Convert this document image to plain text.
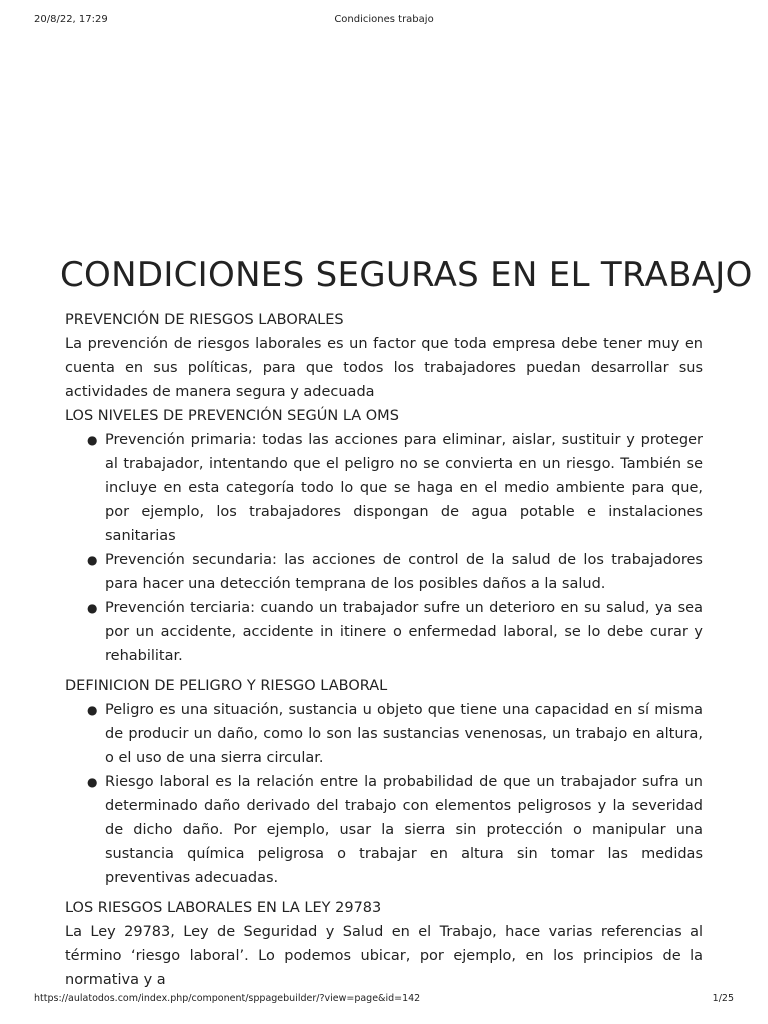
20/8/22, 17:29	Condiciones trabajo
CONDICIONES SEGURAS EN EL TRABAJO
PREVENCIÓN DE RIESGOS LABORALES

La prevención de riesgos laborales es un factor que toda empresa debe tener muy en cuenta en sus políticas, para que todos los trabajadores puedan desarrollar sus actividades de manera segura y adecuada

LOS NIVELES DE PREVENCIÓN SEGÚN LA OMS
● Prevención primaria: todas las acciones para eliminar, aislar, sustituir y proteger al trabajador, intentando que el peligro no se convierta en un riesgo. También se incluye en esta categoría todo lo que se haga en el medio ambiente para que, por ejemplo, los trabajadores dispongan de agua potable e instalaciones sanitarias
● Prevención secundaria: las acciones de control de la salud de los trabajadores para hacer una detección temprana de los posibles daños a la salud.
● Prevención terciaria: cuando un trabajador sufre un deterioro en su salud, ya sea por un accidente, accidente in itinere o enfermedad laboral, se lo debe curar y rehabilitar.
DEFINICION DE PELIGRO Y RIESGO LABORAL
● Peligro es una situación, sustancia u objeto que tiene una capacidad en sí misma de producir un daño, como lo son las sustancias venenosas, un trabajo en altura, o el uso de una sierra circular.
● Riesgo laboral es la relación entre la probabilidad de que un trabajador sufra un determinado daño derivado del trabajo con elementos peligrosos y la severidad de dicho daño. Por ejemplo, usar la sierra sin protección o manipular una sustancia química peligrosa o trabajar en altura sin tomar las medidas preventivas adecuadas.
LOS RIESGOS LABORALES EN LA LEY 29783

La Ley 29783, Ley de Seguridad y Salud en el Trabajo, hace varias referencias al término ‘riesgo laboral’. Lo podemos ubicar, por ejemplo, en los principios de la normativa y a

https://aulatodos.com/index.php/component/sppagebuilder/?view=page&id=142	1/25
